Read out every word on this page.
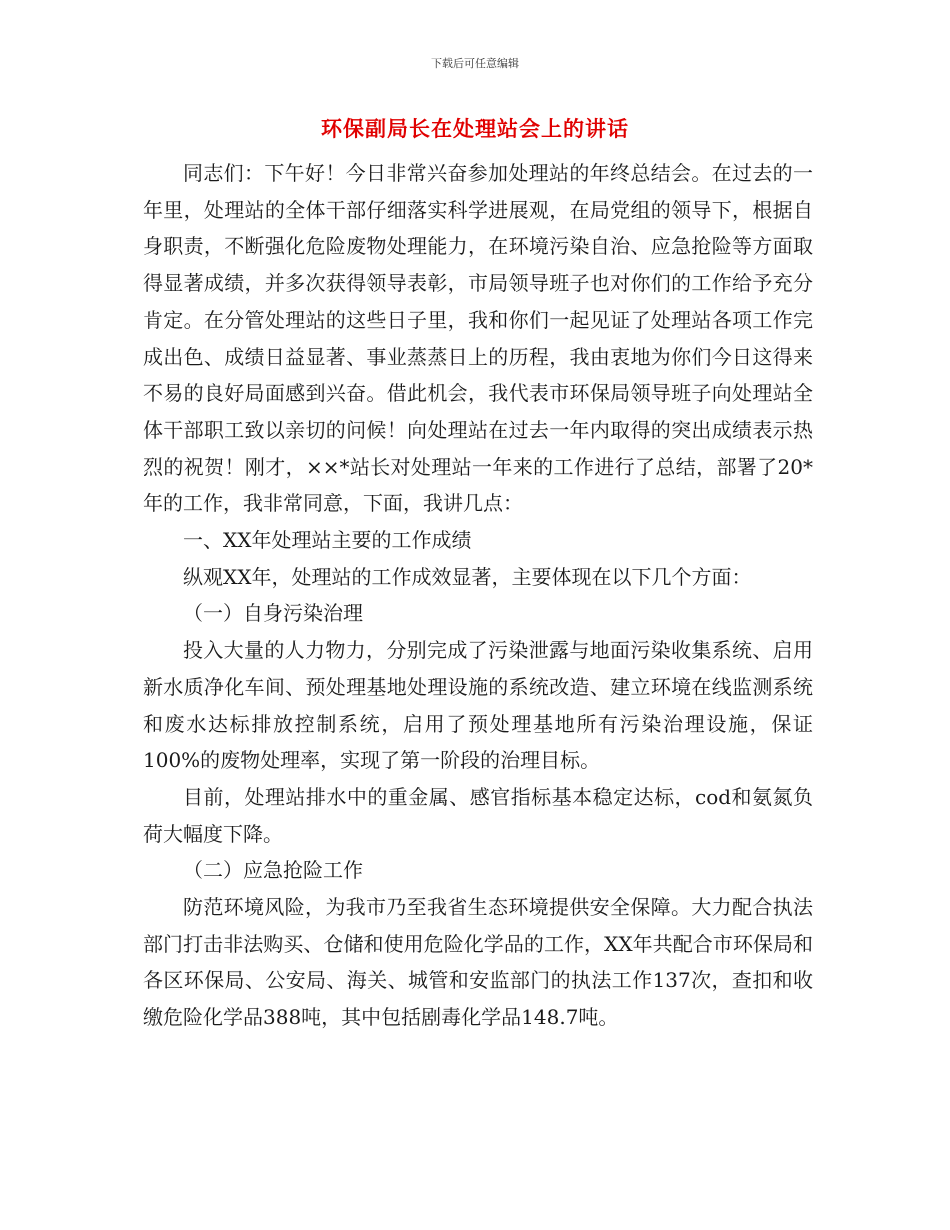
下载后可任意编辑
环保副局长在处理站会上的讲话

同志们：下午好！今日非常兴奋参加处理站的年终总结会。在过去的一年里，处理站的全体干部仔细落实科学进展观，在局党组的领导下，根据自身职责，不断强化危险废物处理能力，在环境污染自治、应急抢险等方面取得显著成绩，并多次获得领导表彰，市局领导班子也对你们的工作给予充分肯定。在分管处理站的这些日子里，我和你们一起见证了处理站各项工作完成出色、成绩日益显著、事业蒸蒸日上的历程，我由衷地为你们今日这得来不易的良好局面感到兴奋。借此机会，我代表市环保局领导班子向处理站全体干部职工致以亲切的问候！向处理站在过去一年内取得的突出成绩表示热烈的祝贺！刚才，××*站长对处理站一年来的工作进行了总结，部署了20*年的工作，我非常同意，下面，我讲几点：

一、XX年处理站主要的工作成绩

纵观XX年，处理站的工作成效显著，主要体现在以下几个方面：

（一）自身污染治理

投入大量的人力物力，分别完成了污染泄露与地面污染收集系统、启用新水质净化车间、预处理基地处理设施的系统改造、建立环境在线监测系统和废水达标排放控制系统，启用了预处理基地所有污染治理设施，保证100%的废物处理率，实现了第一阶段的治理目标。

目前，处理站排水中的重金属、感官指标基本稳定达标，cod和氨氮负荷大幅度下降。

（二）应急抢险工作

防范环境风险，为我市乃至我省生态环境提供安全保障。大力配合执法部门打击非法购买、仓储和使用危险化学品的工作，XX年共配合市环保局和各区环保局、公安局、海关、城管和安监部门的执法工作137次，查扣和收缴危险化学品388吨，其中包括剧毒化学品148.7吨。
